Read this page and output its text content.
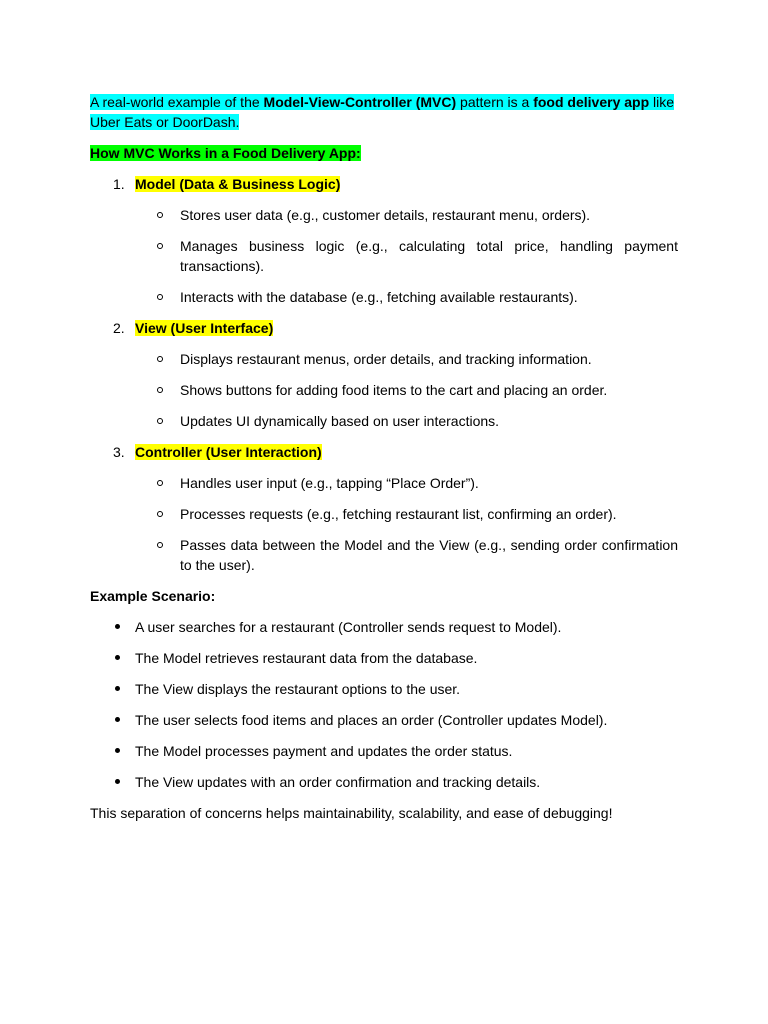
A real-world example of the Model-View-Controller (MVC) pattern is a food delivery app like Uber Eats or DoorDash.

How MVC Works in a Food Delivery App:

1. Model (Data & Business Logic)
Stores user data (e.g., customer details, restaurant menu, orders).
Manages business logic (e.g., calculating total price, handling payment transactions).
Interacts with the database (e.g., fetching available restaurants).
2. View (User Interface)
Displays restaurant menus, order details, and tracking information.
Shows buttons for adding food items to the cart and placing an order.
Updates UI dynamically based on user interactions.
3. Controller (User Interaction)
Handles user input (e.g., tapping “Place Order”).
Processes requests (e.g., fetching restaurant list, confirming an order).
Passes data between the Model and the View (e.g., sending order confirmation to the user).

Example Scenario:

A user searches for a restaurant (Controller sends request to Model).
The Model retrieves restaurant data from the database.
The View displays the restaurant options to the user.
The user selects food items and places an order (Controller updates Model).
The Model processes payment and updates the order status.
The View updates with an order confirmation and tracking details.

This separation of concerns helps maintainability, scalability, and ease of debugging!
